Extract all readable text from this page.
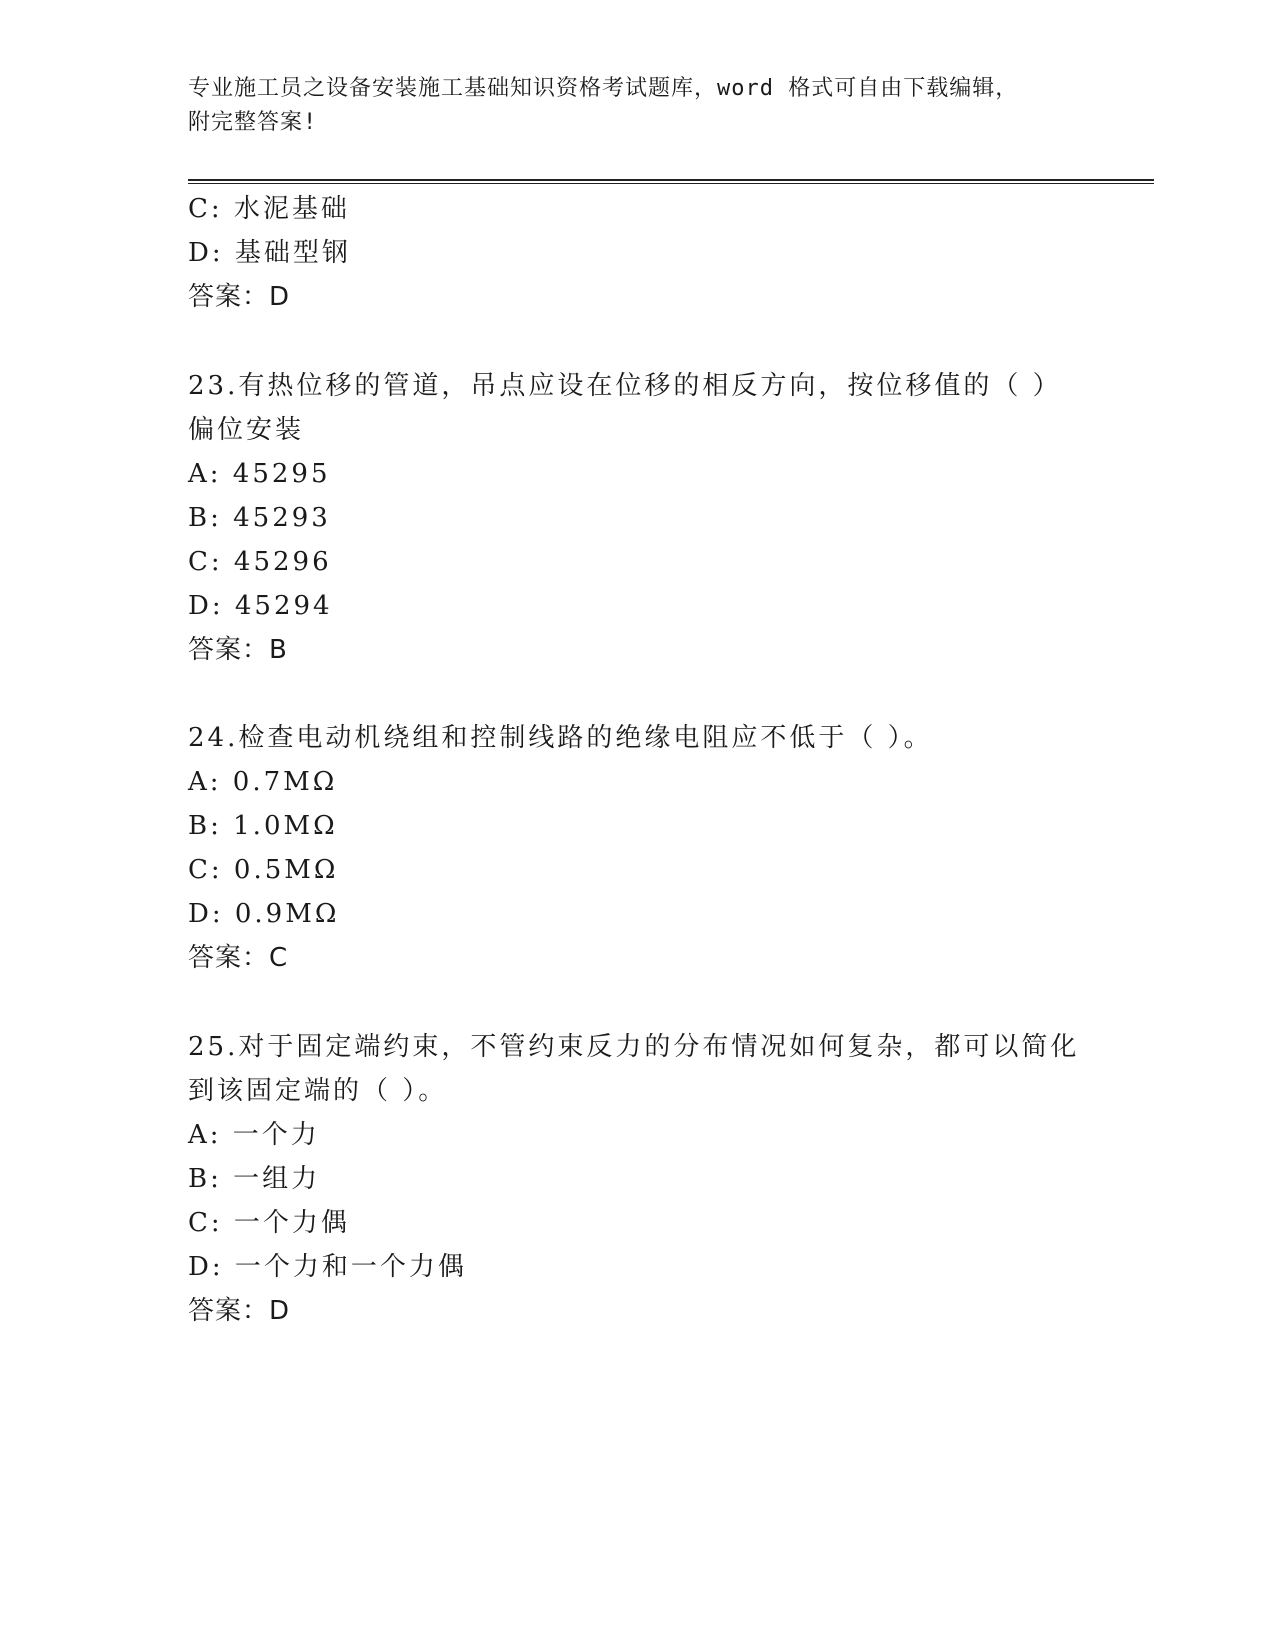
专业施工员之设备安装施工基础知识资格考试题库，word 格式可自由下载编辑，
附完整答案!
C: 水泥基础
D: 基础型钢
答案：D
23.有热位移的管道，吊点应设在位移的相反方向，按位移值的（ ）
偏位安装
A: 45295
B: 45293
C: 45296
D: 45294
答案：B
24.检查电动机绕组和控制线路的绝缘电阻应不低于（ ）。
A: 0.7MΩ
B: 1.0MΩ
C: 0.5MΩ
D: 0.9MΩ
答案：C
25.对于固定端约束，不管约束反力的分布情况如何复杂，都可以简化
到该固定端的（ ）。
A: 一个力
B: 一组力
C: 一个力偶
D: 一个力和一个力偶
答案：D
